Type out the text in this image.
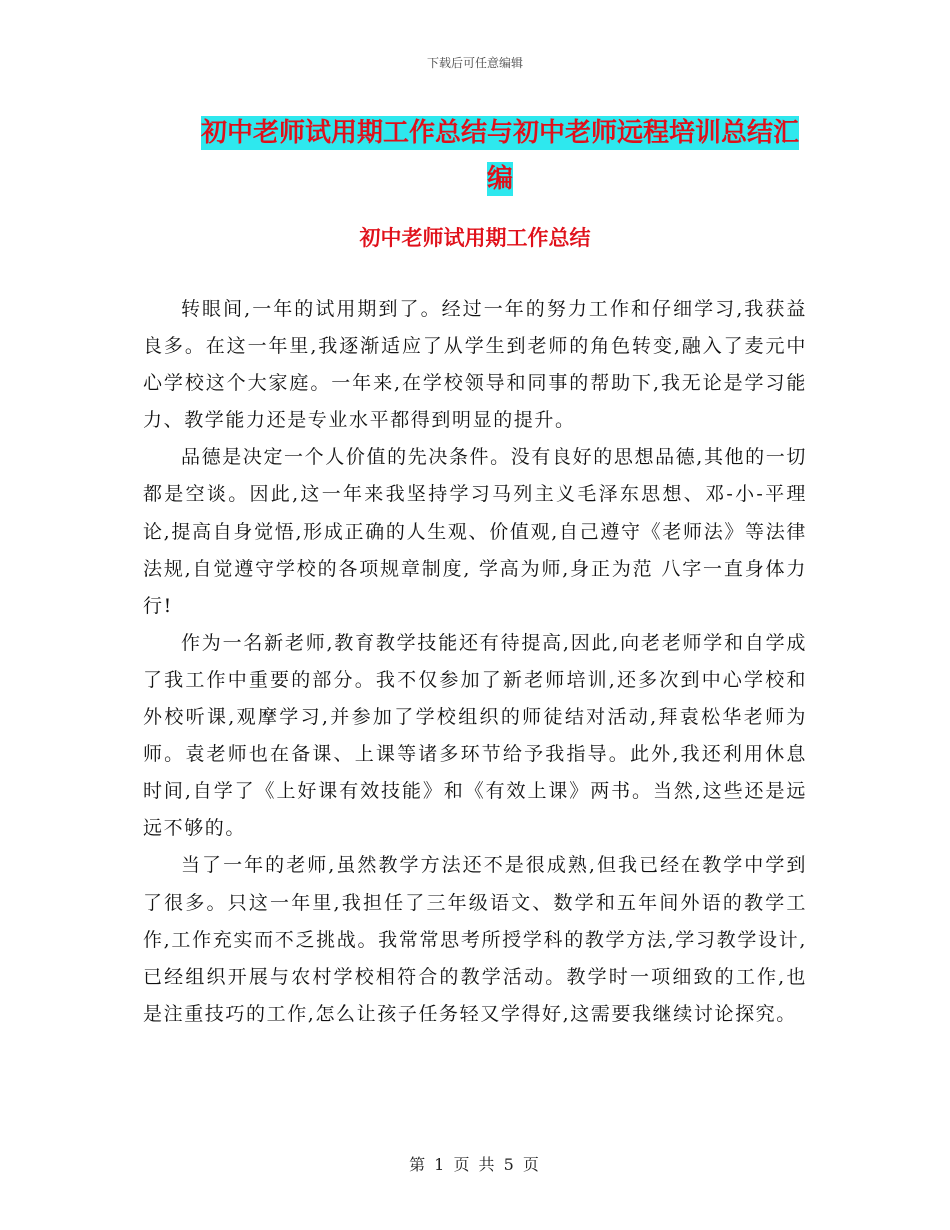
下载后可任意编辑
初中老师试用期工作总结与初中老师远程培训总结汇编
初中老师试用期工作总结

转眼间,一年的试用期到了。经过一年的努力工作和仔细学习,我获益良多。在这一年里,我逐渐适应了从学生到老师的角色转变,融入了麦元中心学校这个大家庭。一年来,在学校领导和同事的帮助下,我无论是学习能力、教学能力还是专业水平都得到明显的提升。

品德是决定一个人价值的先决条件。没有良好的思想品德,其他的一切都是空谈。因此,这一年来我坚持学习马列主义毛泽东思想、邓-小-平理论,提高自身觉悟,形成正确的人生观、价值观,自己遵守《老师法》等法律法规,自觉遵守学校的各项规章制度, 学高为师,身正为范 八字一直身体力行!

作为一名新老师,教育教学技能还有待提高,因此,向老老师学和自学成了我工作中重要的部分。我不仅参加了新老师培训,还多次到中心学校和外校听课,观摩学习,并参加了学校组织的师徒结对活动,拜袁松华老师为师。袁老师也在备课、上课等诸多环节给予我指导。此外,我还利用休息时间,自学了《上好课有效技能》和《有效上课》两书。当然,这些还是远远不够的。

当了一年的老师,虽然教学方法还不是很成熟,但我已经在教学中学到了很多。只这一年里,我担任了三年级语文、数学和五年间外语的教学工作,工作充实而不乏挑战。我常常思考所授学科的教学方法,学习教学设计,已经组织开展与农村学校相符合的教学活动。教学时一项细致的工作,也是注重技巧的工作,怎么让孩子任务轻又学得好,这需要我继续讨论探究。

第 1 页 共 5 页
